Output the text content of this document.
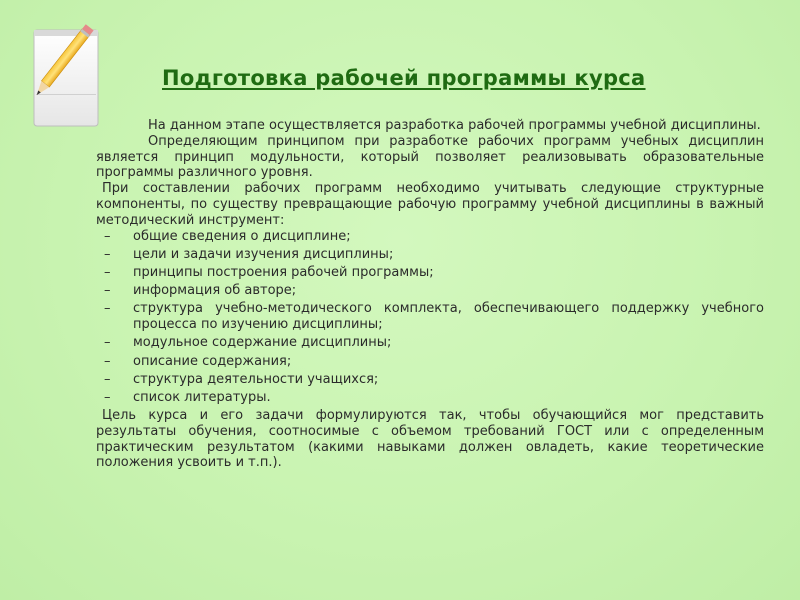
Подготовка рабочей программы курса

На данном этапе осуществляется разработка рабочей программы учебной дисциплины.

Определяющим принципом при разработке рабочих программ учебных дисциплин является принцип модульности, который позволяет реализовывать образовательные программы различного уровня.

При составлении рабочих программ необходимо учитывать следующие структурные компоненты, по существу превращающие рабочую программу учебной дисциплины в важный методический инструмент:

– общие сведения о дисциплине;
– цели и задачи изучения дисциплины;
– принципы построения рабочей программы;
– информация об авторе;
– структура учебно-методического комплекта, обеспечивающего поддержку учебного процесса по изучению дисциплины;
– модульное содержание дисциплины;
– описание содержания;
– структура деятельности учащихся;
– список литературы.

Цель курса и его задачи формулируются так, чтобы обучающийся мог представить результаты обучения, соотносимые с объемом требований ГОСТ или с определенным практическим результатом (какими навыками должен овладеть, какие теоретические положения усвоить и т.п.).
